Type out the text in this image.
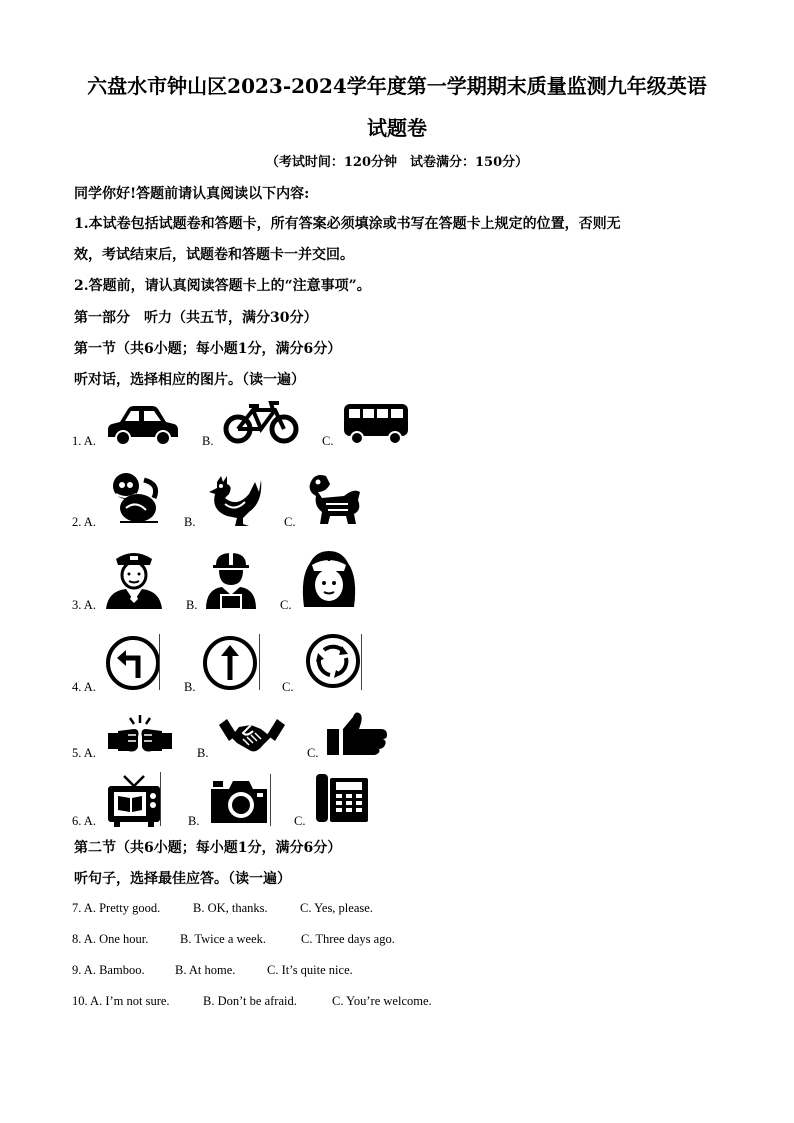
六盘水市钟山区2023-2024学年度第一学期期末质量监测九年级英语
试题卷
（考试时间：120分钟　试卷满分：150分）
同学你好!答题前请认真阅读以下内容:
1.本试卷包括试题卷和答题卡，所有答案必须填涂或书写在答题卡上规定的位置，否则无
效，考试结束后，试题卷和答题卡一并交回。
2.答题前，请认真阅读答题卡上的“注意事项”。
第一部分　听力（共五节，满分30分）
第一节（共6小题；每小题1分，满分6分）
听对话，选择相应的图片。（读一遍）
1. A.	B.	C.
2. A.	B.	C.
3. A.	B.	C.
4. A.	B.	C.
5. A.	B.	C.
6. A.	B.	C.
第二节（共6小题；每小题1分，满分6分）
听句子，选择最佳应答。（读一遍）
7. A. Pretty good.	B. OK, thanks.	C. Yes, please.
8. A. One hour.	B. Twice a week.	C. Three days ago.
9. A. Bamboo. B. At home.	C. It’s quite nice.
10. A. I’m not sure.	B. Don’t be afraid.	C. You’re welcome.
